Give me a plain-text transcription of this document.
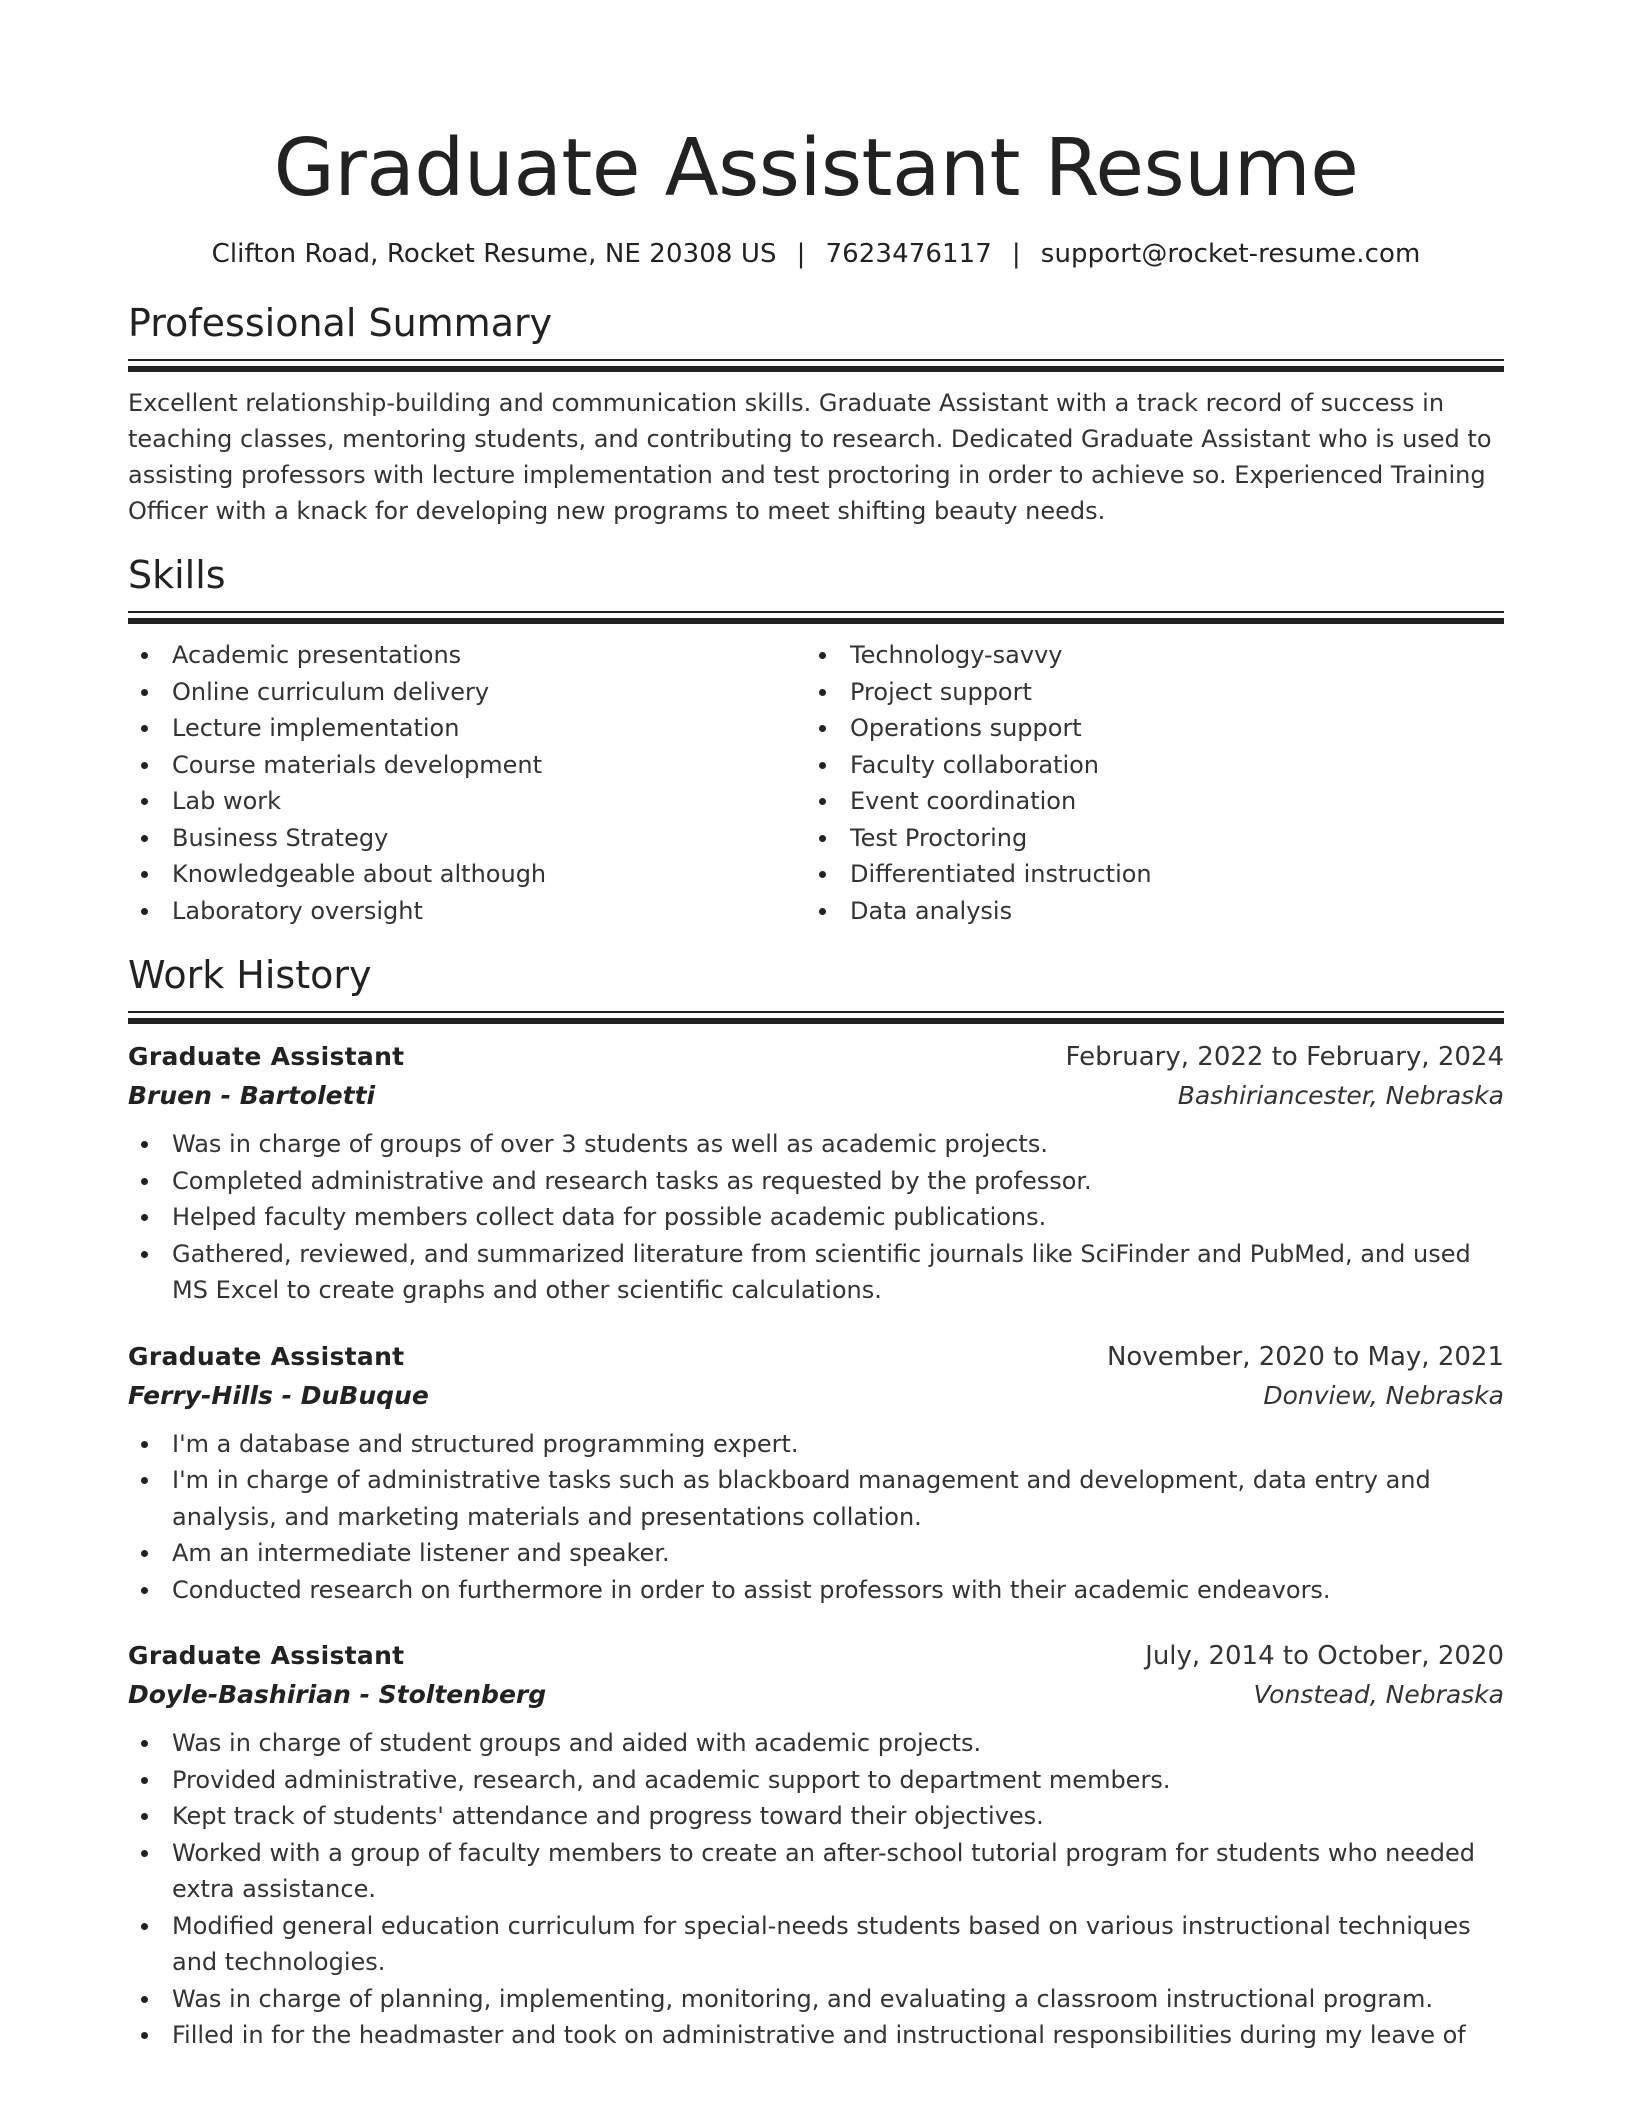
Graduate Assistant Resume
Clifton Road, Rocket Resume, NE 20308 US | 7623476117 | support@rocket-resume.com
Professional Summary

Excellent relationship-building and communication skills. Graduate Assistant with a track record of success in teaching classes, mentoring students, and contributing to research. Dedicated Graduate Assistant who is used to assisting professors with lecture implementation and test proctoring in order to achieve so. Experienced Training Officer with a knack for developing new programs to meet shifting beauty needs.

Skills
Academic presentations
Online curriculum delivery
Lecture implementation
Course materials development
Lab work
Business Strategy
Knowledgeable about although
Laboratory oversight
Technology-savvy
Project support
Operations support
Faculty collaboration
Event coordination
Test Proctoring
Differentiated instruction
Data analysis
Work History
Graduate Assistant	February, 2022 to February, 2024
Bruen - Bartoletti	Bashiriancester, Nebraska
Was in charge of groups of over 3 students as well as academic projects.
Completed administrative and research tasks as requested by the professor.
Helped faculty members collect data for possible academic publications.
Gathered, reviewed, and summarized literature from scientific journals like SciFinder and PubMed, and used MS Excel to create graphs and other scientific calculations.
Graduate Assistant	November, 2020 to May, 2021
Ferry-Hills - DuBuque	Donview, Nebraska
I'm a database and structured programming expert.
I'm in charge of administrative tasks such as blackboard management and development, data entry and analysis, and marketing materials and presentations collation.
Am an intermediate listener and speaker.
Conducted research on furthermore in order to assist professors with their academic endeavors.
Graduate Assistant	July, 2014 to October, 2020
Doyle-Bashirian - Stoltenberg	Vonstead, Nebraska
Was in charge of student groups and aided with academic projects.
Provided administrative, research, and academic support to department members.
Kept track of students' attendance and progress toward their objectives.
Worked with a group of faculty members to create an after-school tutorial program for students who needed extra assistance.
Modified general education curriculum for special-needs students based on various instructional techniques and technologies.
Was in charge of planning, implementing, monitoring, and evaluating a classroom instructional program.
Filled in for the headmaster and took on administrative and instructional responsibilities during my leave of
